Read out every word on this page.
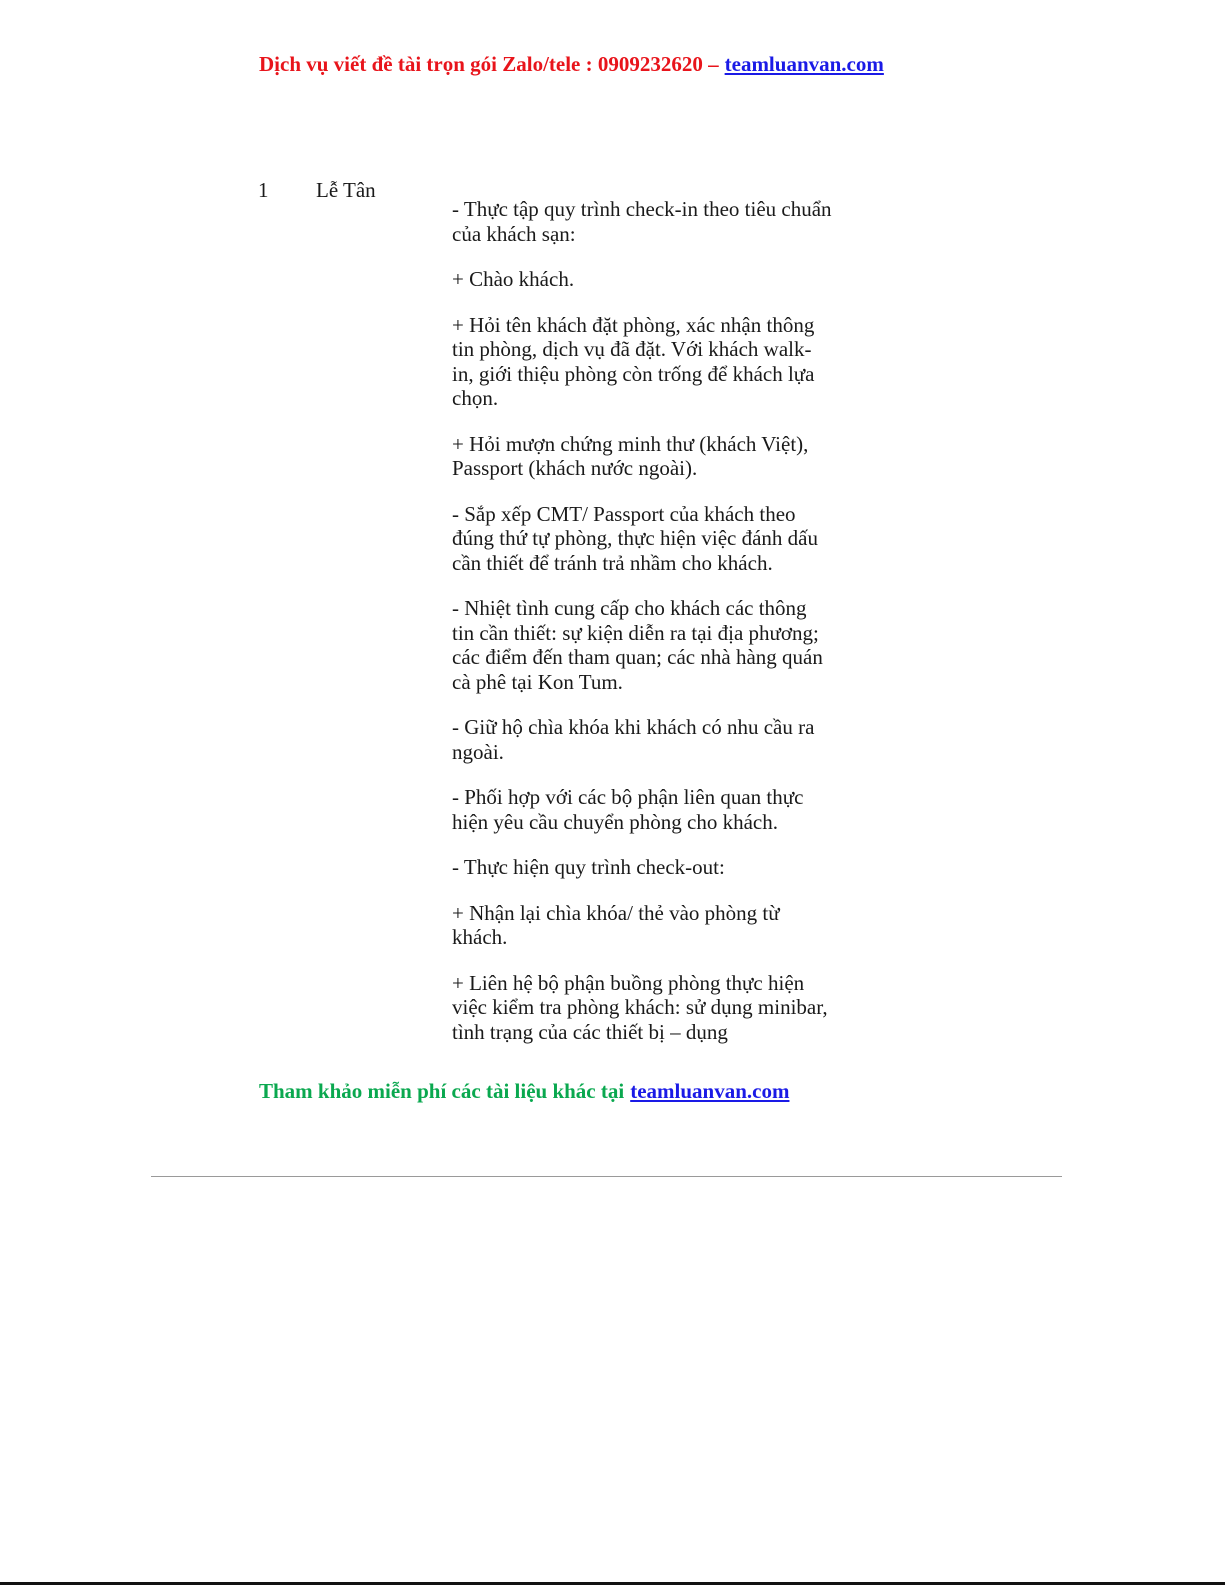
Dịch vụ viết đề tài trọn gói Zalo/tele : 0909232620 – teamluanvan.com
1 Lễ Tân

- Thực tập quy trình check-in theo tiêu chuẩn của khách sạn:

+ Chào khách.

+ Hỏi tên khách đặt phòng, xác nhận thông tin phòng, dịch vụ đã đặt. Với khách walk-in, giới thiệu phòng còn trống để khách lựa chọn.

+ Hỏi mượn chứng minh thư (khách Việt), Passport (khách nước ngoài).

- Sắp xếp CMT/ Passport của khách theo đúng thứ tự phòng, thực hiện việc đánh dấu cần thiết để tránh trả nhầm cho khách.

- Nhiệt tình cung cấp cho khách các thông tin cần thiết: sự kiện diễn ra tại địa phương; các điểm đến tham quan; các nhà hàng quán cà phê tại Kon Tum.

- Giữ hộ chìa khóa khi khách có nhu cầu ra ngoài.

- Phối hợp với các bộ phận liên quan thực hiện yêu cầu chuyển phòng cho khách.

- Thực hiện quy trình check-out:

+ Nhận lại chìa khóa/ thẻ vào phòng từ khách.

+ Liên hệ bộ phận buồng phòng thực hiện việc kiểm tra phòng khách: sử dụng minibar, tình trạng của các thiết bị – dụng

Tham khảo miễn phí các tài liệu khác tại teamluanvan.com
